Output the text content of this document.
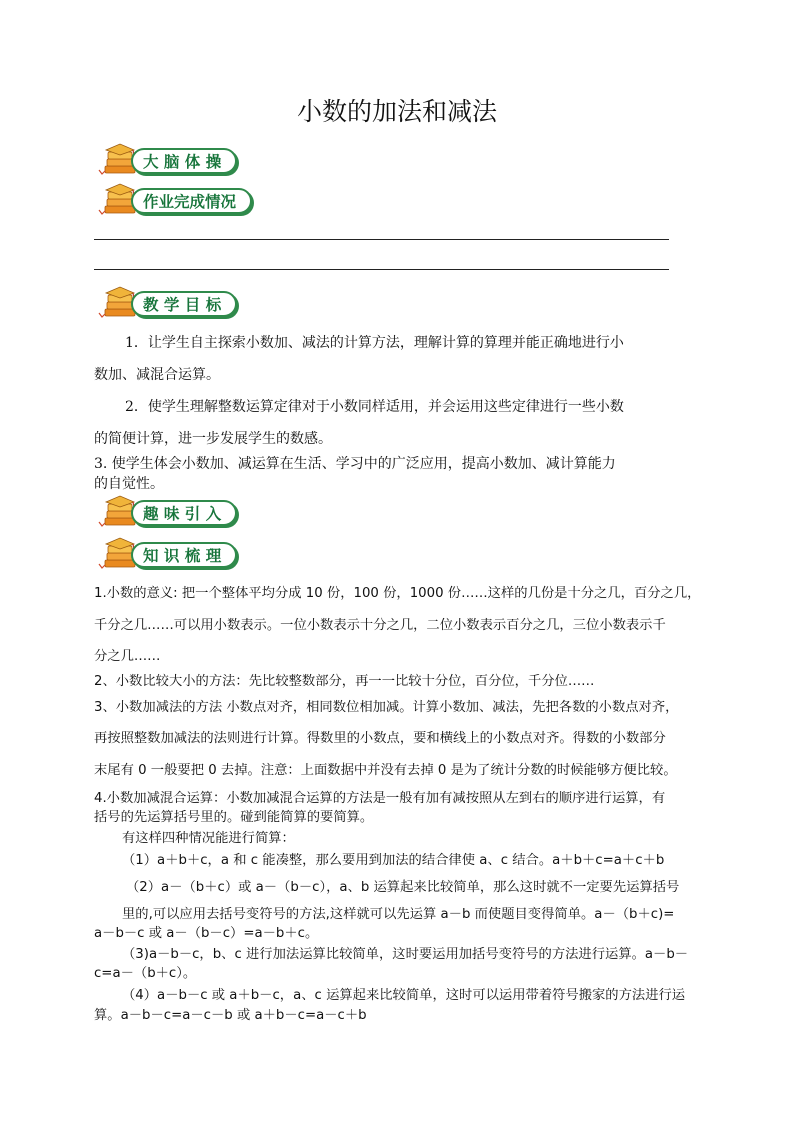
小数的加法和减法
大 脑 体 操
作业完成情况
教 学 目 标

1．让学生自主探索小数加、减法的计算方法，理解计算的算理并能正确地进行小

数加、减混合运算。

2．使学生理解整数运算定律对于小数同样适用，并会运用这些定律进行一些小数

的简便计算，进一步发展学生的数感。

3. 使学生体会小数加、减运算在生活、学习中的广泛应用，提高小数加、减计算能力

的自觉性。

趣 味 引 入
知 识 梳 理

1.小数的意义: 把一个整体平均分成 10 份，100 份，1000 份……这样的几份是十分之几，百分之几，

千分之几……可以用小数表示。一位小数表示十分之几，二位小数表示百分之几，三位小数表示千

分之几……

2、小数比较大小的方法：先比较整数部分，再一一比较十分位，百分位，千分位……

3、小数加减法的方法 小数点对齐，相同数位相加减。计算小数加、减法，先把各数的小数点对齐，

再按照整数加减法的法则进行计算。得数里的小数点，要和横线上的小数点对齐。得数的小数部分

末尾有 0 一般要把 0 去掉。注意：上面数据中并没有去掉 0 是为了统计分数的时候能够方便比较。

4.小数加减混合运算：小数加减混合运算的方法是一般有加有减按照从左到右的顺序进行运算，有

括号的先运算括号里的。碰到能简算的要简算。

有这样四种情况能进行简算：

（1）a＋b＋c，a 和 c 能凑整，那么要用到加法的结合律使 a、c 结合。a＋b＋c=a＋c＋b

（2）a－（b＋c）或 a－（b－c），a、b 运算起来比较简单，那么这时就不一定要先运算括号

里的,可以应用去括号变符号的方法,这样就可以先运算 a－b 而使题目变得简单。a－（b＋c)=

a－b－c 或 a－（b－c）=a－b＋c。

（3)a－b－c，b、c 进行加法运算比较简单，这时要运用加括号变符号的方法进行运算。a－b－

c=a－（b＋c）。

（4）a－b－c 或 a＋b－c，a、c 运算起来比较简单，这时可以运用带着符号搬家的方法进行运

算。a－b－c=a－c－b 或 a＋b－c=a－c＋b
